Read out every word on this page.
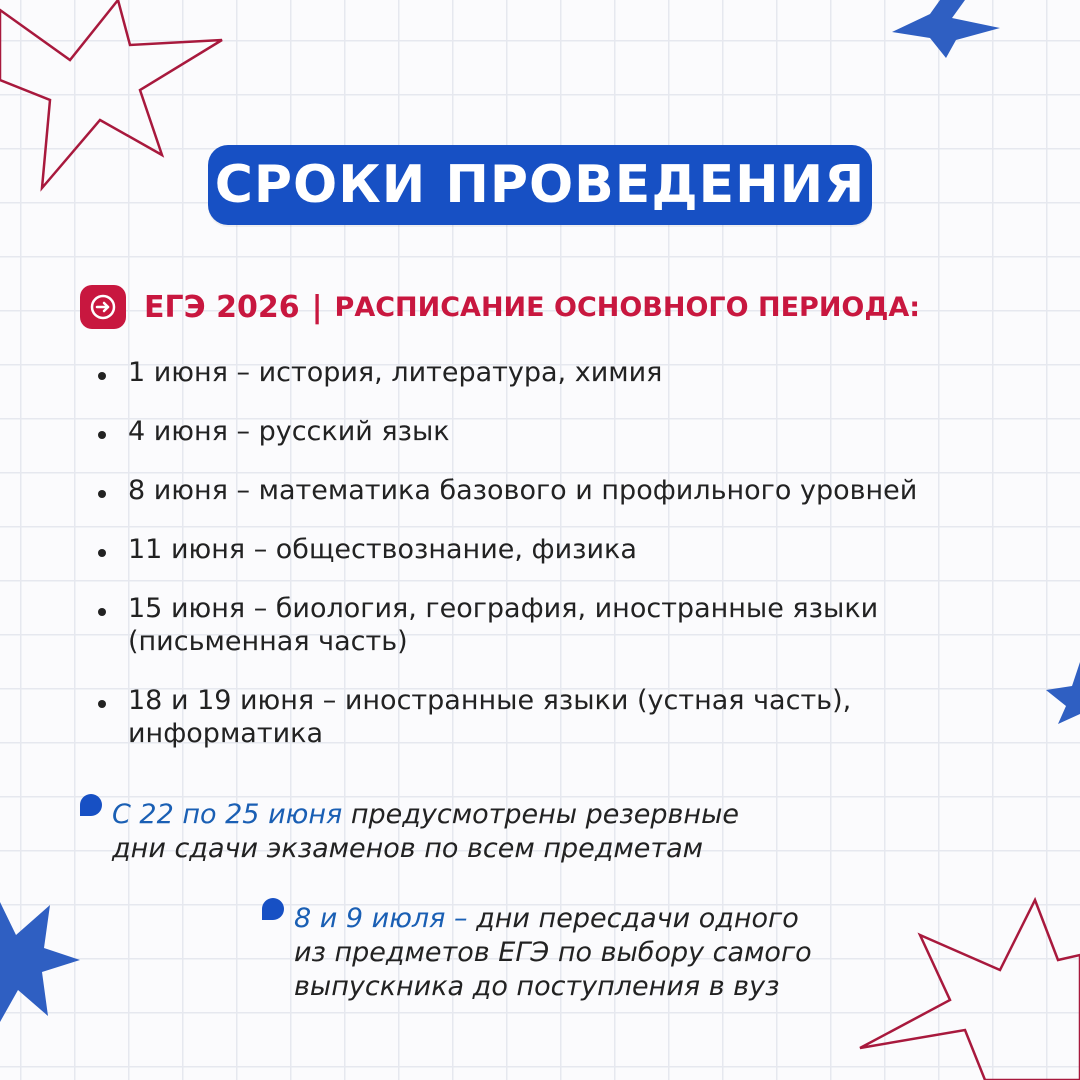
СРОКИ ПРОВЕДЕНИЯ
ЕГЭ 2026 | РАСПИСАНИЕ ОСНОВНОГО ПЕРИОДА:
1 июня – история, литература, химия
4 июня – русский язык
8 июня – математика базового и профильного уровней
11 июня – обществознание, физика
15 июня – биология, география, иностранные языки
(письменная часть)
18 и 19 июня – иностранные языки (устная часть),
информатика
С 22 по 25 июня предусмотрены резервные
дни сдачи экзаменов по всем предметам
8 и 9 июля – дни пересдачи одного
из предметов ЕГЭ по выбору самого
выпускника до поступления в вуз
